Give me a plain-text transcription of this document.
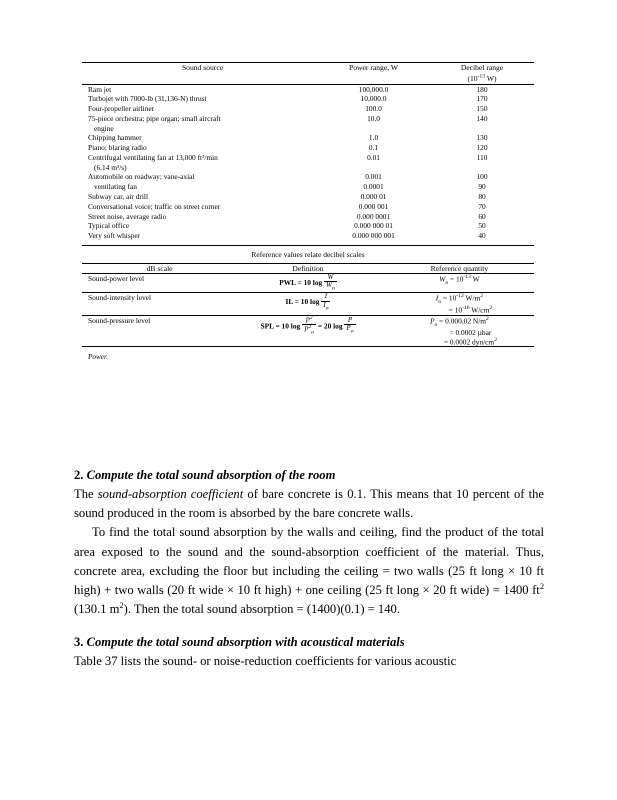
Sound source	Power range, W	Decibel range
($10^{-13}$ W)
Ram jet	100,000.0	180
Turbojet with 7000-lb (31,136-N) thrust	10,000.0	170
Four-propeller airliner	100.0	150
75-piece orchestra; pipe organ; small aircraft	10.0	140
engine		
Chipping hammer	1.0	130
Piano; blaring radio	0.1	120
Centrifugal ventilating fan at 13,000 ft³/min	0.01	110
(6.14 m³/s)		
Automobile on roadway; vane-axial	0.001	100
ventilating fan	0.0001	90
Subway car, air drill	0.000 01	80
Conversational voice; traffic on street corner	0.000 001	70
Street noise, average radio	0.000 0001	60
Typical office	0.000 000 01	50
Very soft whisper	0.000 000 001	40
Reference values relate decibel scales
dB scale	Definition	Reference quantity
Sound-power level	PWL = 10 $\log \frac{W}{W_o}$	$W_o = 10^{-13}$ W
Sound-intensity level	IL = 10 $\log \frac{I}{I_o}$	$I_o = 10^{-12}$ $W/m^2$
= $10^{-16}$ $W/cm^2$

Sound-pressure level	SPL = 10 $\log \frac{P^2}{P^2_o} = 20$ $\log \frac{P}{P_o}$	$P_o = 0.000,02$ $N/m^2$
= 0.0002 µbar
= 0.0002 dyn/$cm^2$
Power.

2. Compute the total sound absorption of the room

The sound-absorption coefficient of bare concrete is 0.1. This means that 10 percent of the sound produced in the room is absorbed by the bare concrete walls.

To find the total sound absorption by the walls and ceiling, find the product of the total area exposed to the sound and the sound-absorption coefficient of the material. Thus, concrete area, excluding the floor but including the ceiling = two walls (25 ft long × 10 ft high) + two walls (20 ft wide × 10 ft high) + one ceiling (25 ft long × 20 ft wide) = 1400 $ft^2$ (130.1 $m^2$). Then the total sound absorption = (1400)(0.1) = 140.

3. Compute the total sound absorption with acoustical materials

Table 37 lists the sound- or noise-reduction coefficients for various acoustic
